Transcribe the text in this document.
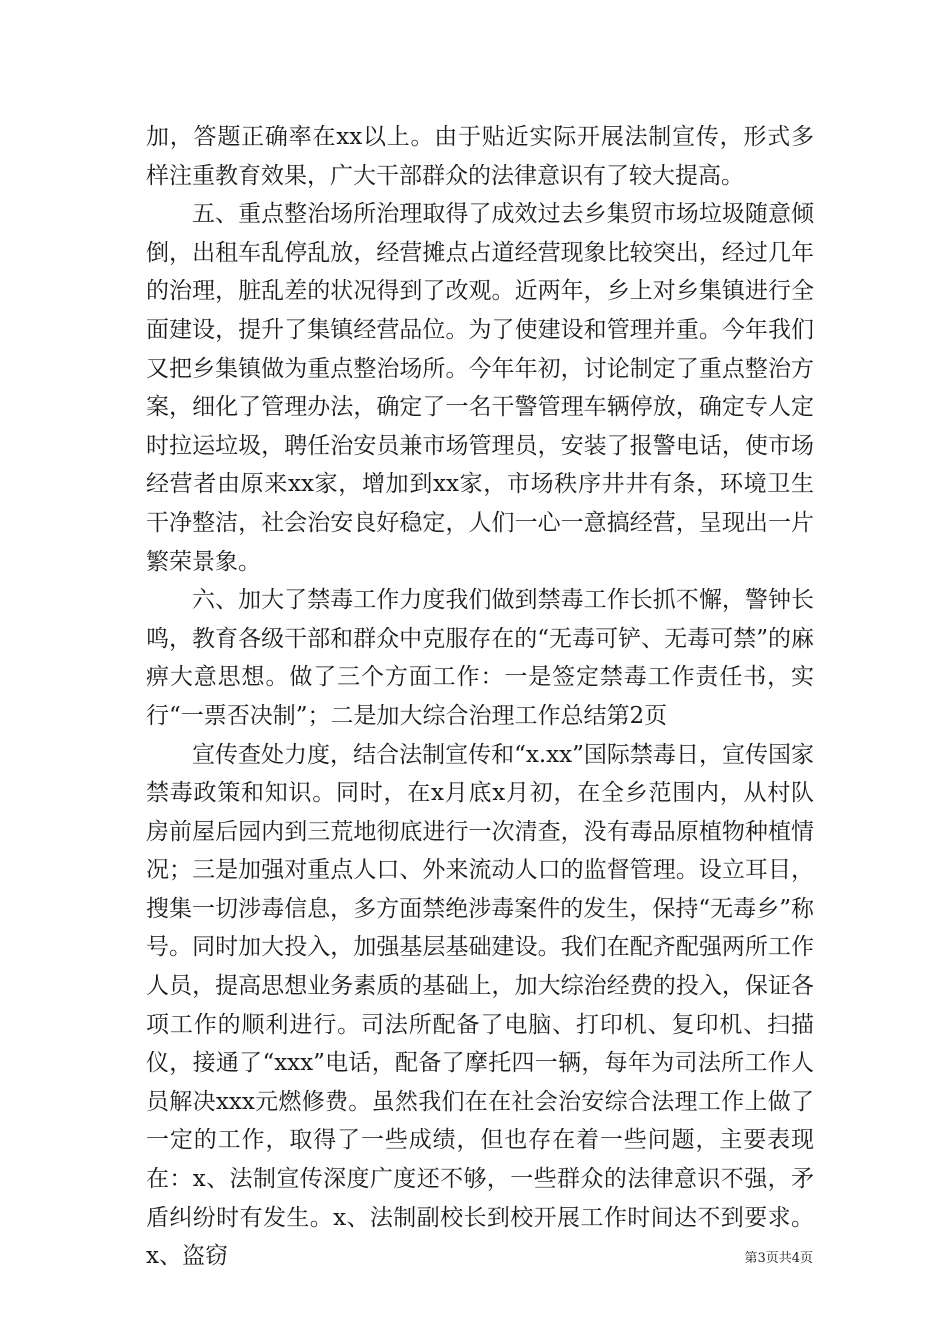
加，答题正确率在xx以上。由于贴近实际开展法制宣传，形式多样注重教育效果，广大干部群众的法律意识有了较大提高。

五、重点整治场所治理取得了成效过去乡集贸市场垃圾随意倾倒，出租车乱停乱放，经营摊点占道经营现象比较突出，经过几年的治理，脏乱差的状况得到了改观。近两年，乡上对乡集镇进行全面建设，提升了集镇经营品位。为了使建设和管理并重。今年我们又把乡集镇做为重点整治场所。今年年初，讨论制定了重点整治方案，细化了管理办法，确定了一名干警管理车辆停放，确定专人定时拉运垃圾，聘任治安员兼市场管理员，安装了报警电话，使市场经营者由原来xx家，增加到xx家，市场秩序井井有条，环境卫生干净整洁，社会治安良好稳定，人们一心一意搞经营，呈现出一片繁荣景象。

六、加大了禁毒工作力度我们做到禁毒工作长抓不懈，警钟长鸣，教育各级干部和群众中克服存在的“无毒可铲、无毒可禁”的麻痹大意思想。做了三个方面工作：一是签定禁毒工作责任书，实行“一票否决制”；二是加大综合治理工作总结第2页

宣传查处力度，结合法制宣传和“x.xx”国际禁毒日，宣传国家禁毒政策和知识。同时，在x月底x月初，在全乡范围内，从村队房前屋后园内到三荒地彻底进行一次清查，没有毒品原植物种植情况；三是加强对重点人口、外来流动人口的监督管理。设立耳目，搜集一切涉毒信息，多方面禁绝涉毒案件的发生，保持“无毒乡”称号。同时加大投入，加强基层基础建设。我们在配齐配强两所工作人员，提高思想业务素质的基础上，加大综治经费的投入，保证各项工作的顺利进行。司法所配备了电脑、打印机、复印机、扫描仪，接通了“xxx”电话，配备了摩托四一辆，每年为司法所工作人员解决xxx元燃修费。虽然我们在在社会治安综合法理工作上做了一定的工作，取得了一些成绩，但也存在着一些问题，主要表现在：x、法制宣传深度广度还不够，一些群众的法律意识不强，矛盾纠纷时有发生。x、法制副校长到校开展工作时间达不到要求。x、盗窃	第3页共4页
